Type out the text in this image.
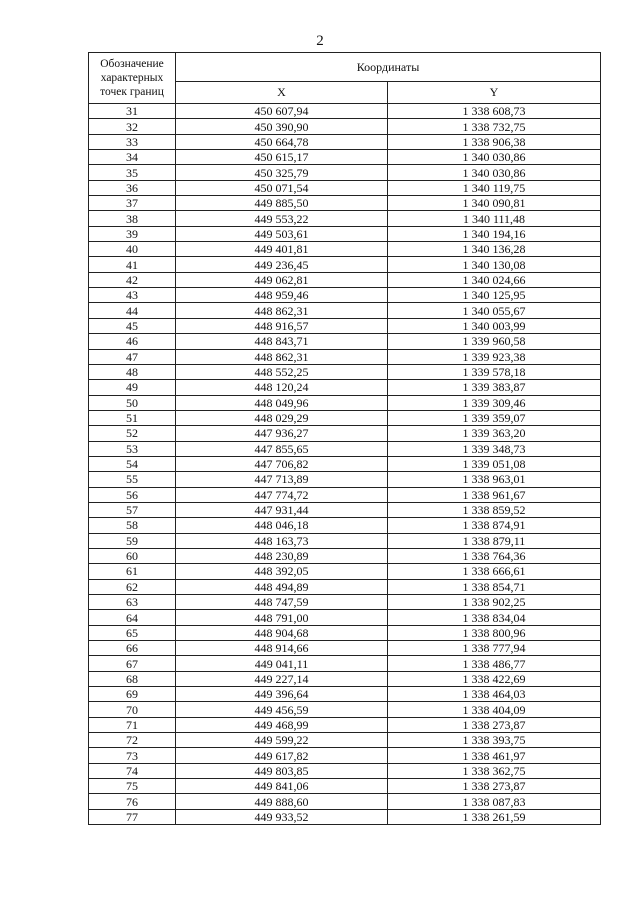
2
Обозначение характерных точек границ	Координаты	
	X	Y
31	450 607,94	1 338 608,73
32	450 390,90	1 338 732,75
33	450 664,78	1 338 906,38
34	450 615,17	1 340 030,86
35	450 325,79	1 340 030,86
36	450 071,54	1 340 119,75
37	449 885,50	1 340 090,81
38	449 553,22	1 340 111,48
39	449 503,61	1 340 194,16
40	449 401,81	1 340 136,28
41	449 236,45	1 340 130,08
42	449 062,81	1 340 024,66
43	448 959,46	1 340 125,95
44	448 862,31	1 340 055,67
45	448 916,57	1 340 003,99
46	448 843,71	1 339 960,58
47	448 862,31	1 339 923,38
48	448 552,25	1 339 578,18
49	448 120,24	1 339 383,87
50	448 049,96	1 339 309,46
51	448 029,29	1 339 359,07
52	447 936,27	1 339 363,20
53	447 855,65	1 339 348,73
54	447 706,82	1 339 051,08
55	447 713,89	1 338 963,01
56	447 774,72	1 338 961,67
57	447 931,44	1 338 859,52
58	448 046,18	1 338 874,91
59	448 163,73	1 338 879,11
60	448 230,89	1 338 764,36
61	448 392,05	1 338 666,61
62	448 494,89	1 338 854,71
63	448 747,59	1 338 902,25
64	448 791,00	1 338 834,04
65	448 904,68	1 338 800,96
66	448 914,66	1 338 777,94
67	449 041,11	1 338 486,77
68	449 227,14	1 338 422,69
69	449 396,64	1 338 464,03
70	449 456,59	1 338 404,09
71	449 468,99	1 338 273,87
72	449 599,22	1 338 393,75
73	449 617,82	1 338 461,97
74	449 803,85	1 338 362,75
75	449 841,06	1 338 273,87
76	449 888,60	1 338 087,83
77	449 933,52	1 338 261,59
